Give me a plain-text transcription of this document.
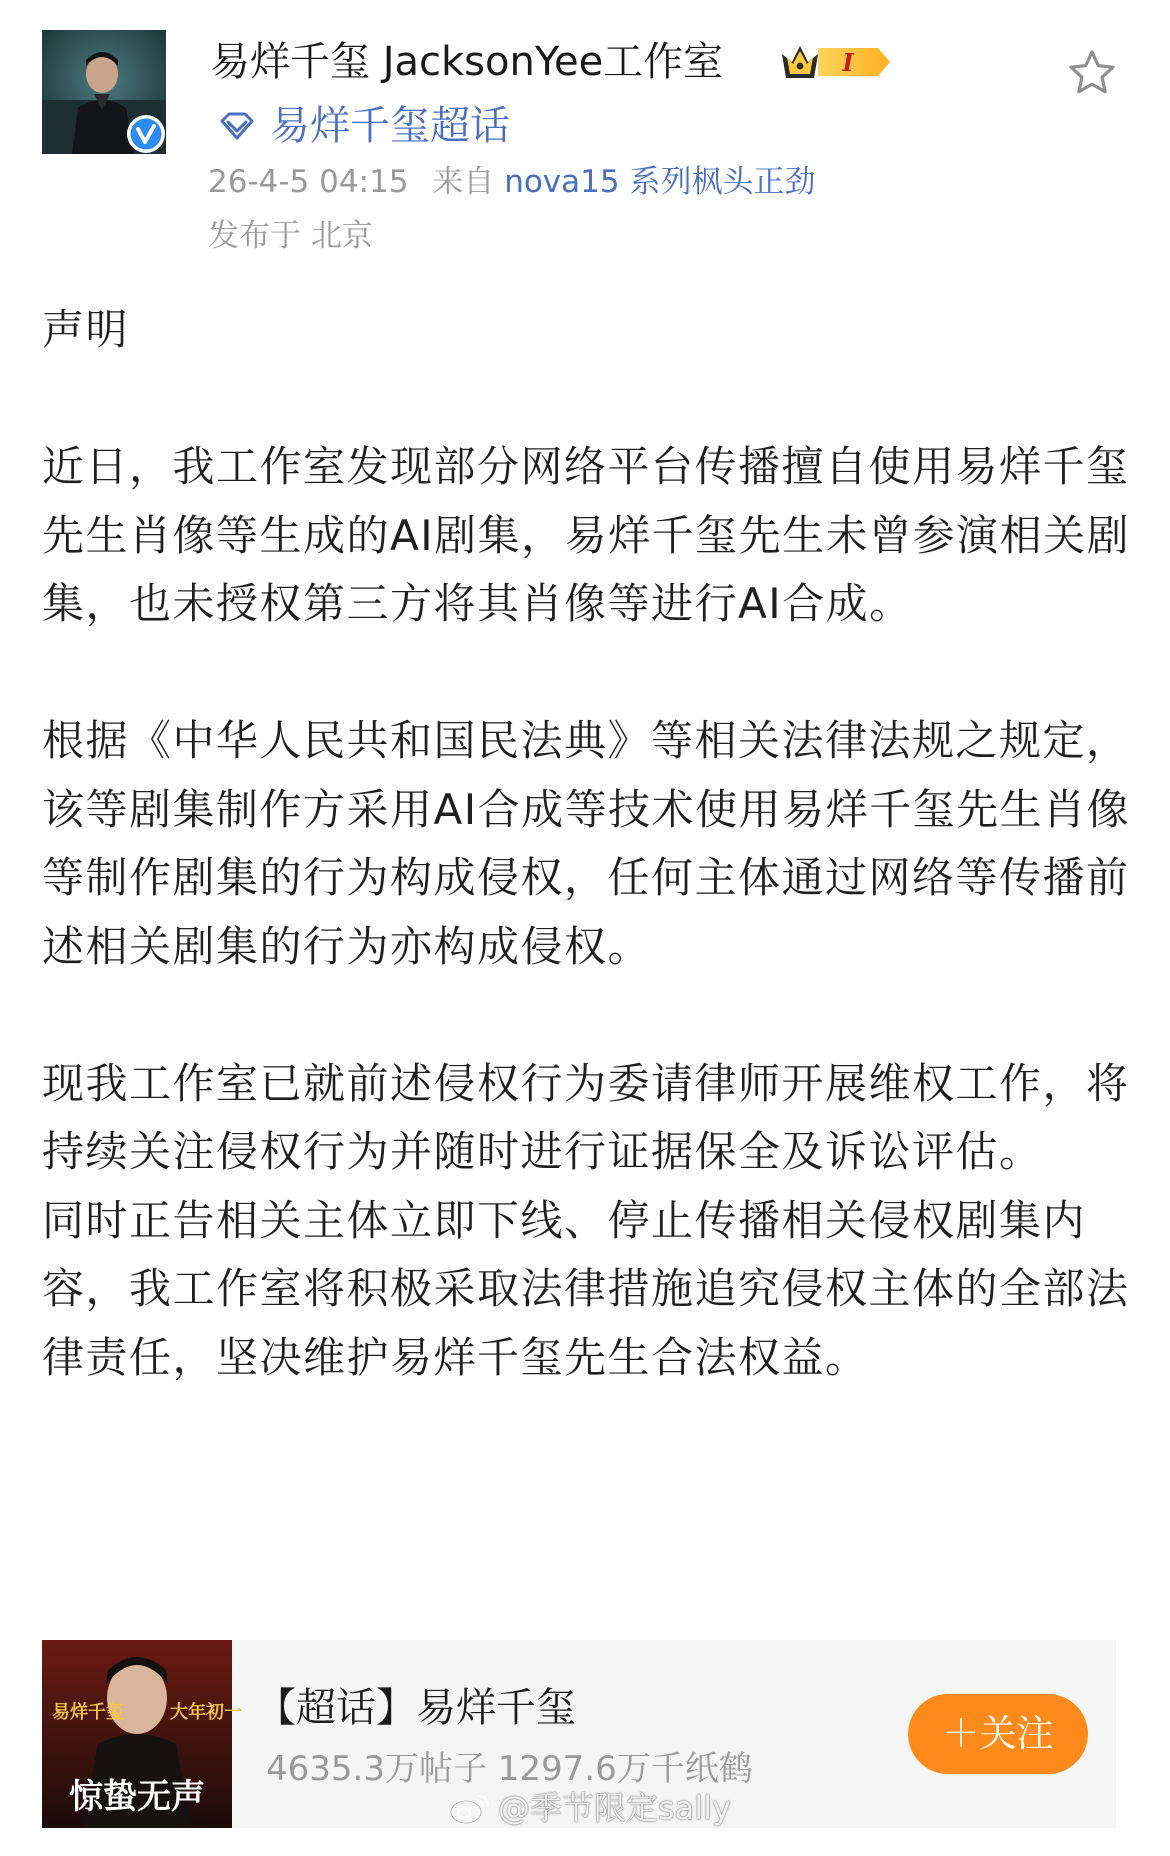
易烊千玺 JacksonYee工作室	I
易烊千玺超话
26-4-5 04:15 来自 nova15 系列枫头正劲
发布于 北京

声明

近日，我工作室发现部分网络平台传播擅自使用易烊千玺先生肖像等生成的AI剧集，易烊千玺先生未曾参演相关剧集，也未授权第三方将其肖像等进行AI合成。

根据《中华人民共和国民法典》等相关法律法规之规定，该等剧集制作方采用AI合成等技术使用易烊千玺先生肖像等制作剧集的行为构成侵权，任何主体通过网络等传播前述相关剧集的行为亦构成侵权。

现我工作室已就前述侵权行为委请律师开展维权工作，将持续关注侵权行为并随时进行证据保全及诉讼评估。

同时正告相关主体立即下线、停止传播相关侵权剧集内容，我工作室将积极采取法律措施追究侵权主体的全部法律责任，坚决维护易烊千玺先生合法权益。

易烊千玺	大年初一
惊蛰无声
【超话】易烊千玺
4635.3万帖子 1297.6万千纸鹤
＋关注
@季节限定sally
